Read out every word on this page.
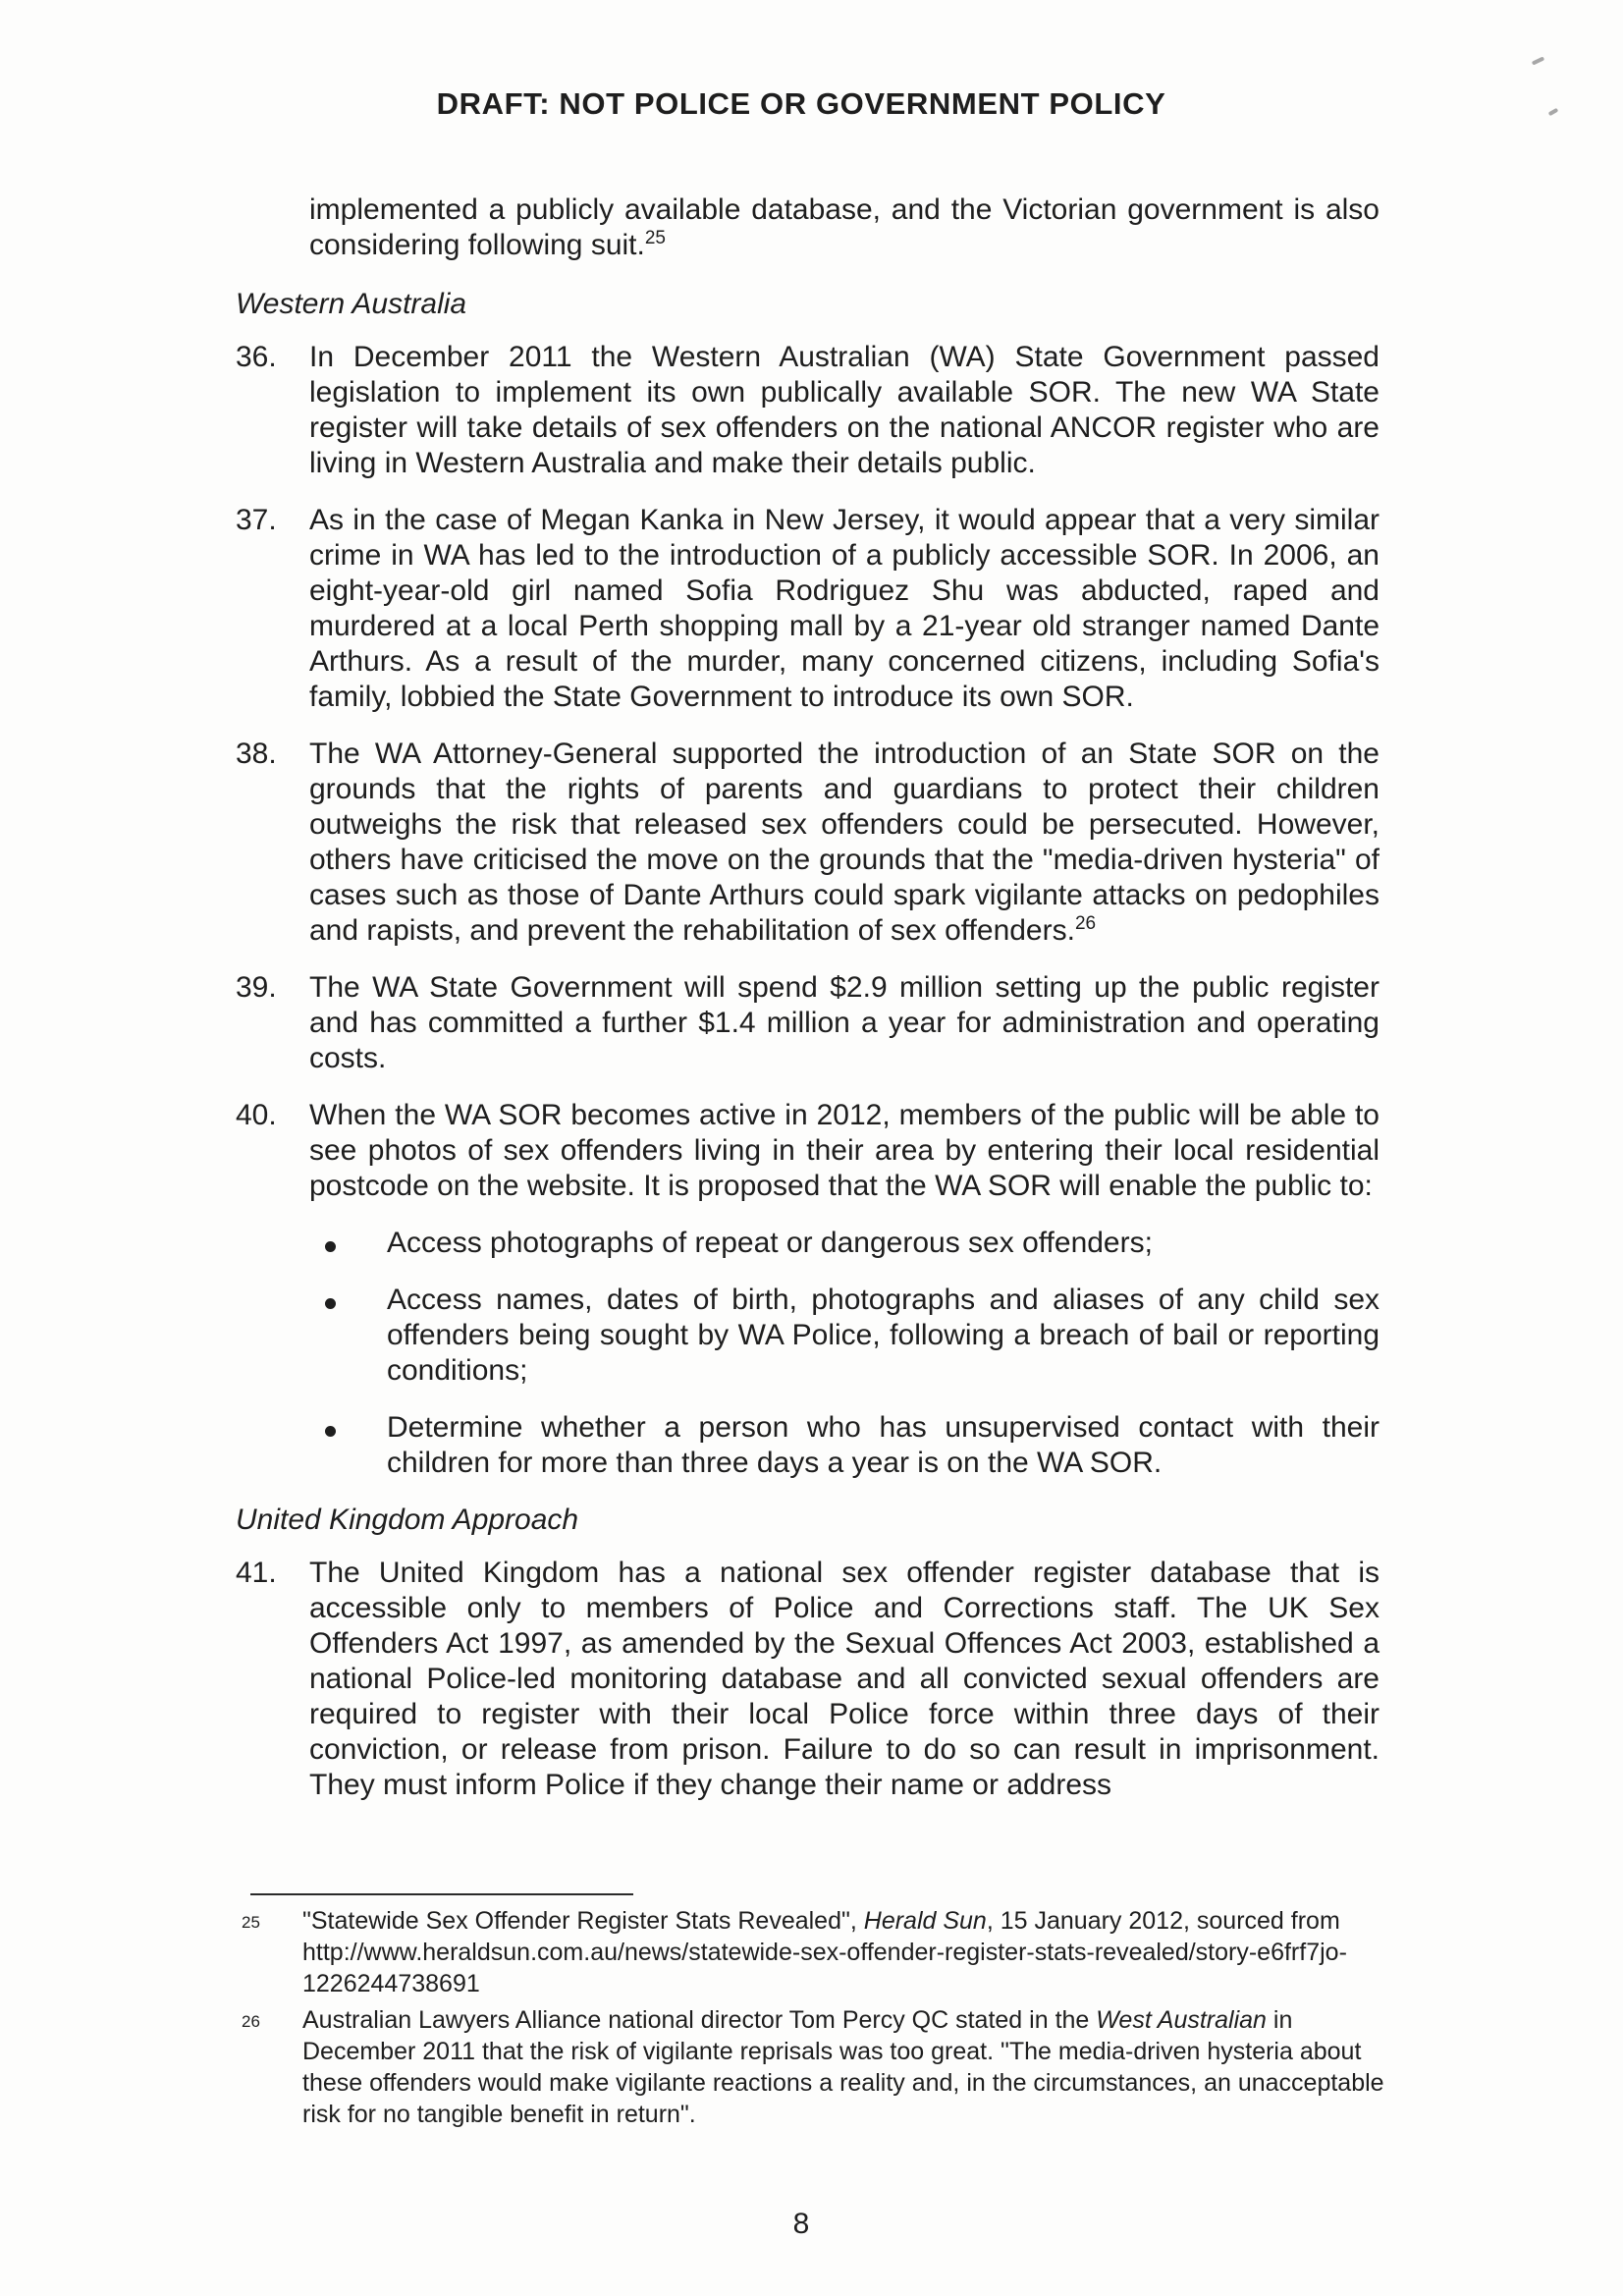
DRAFT: NOT POLICE OR GOVERNMENT POLICY

implemented a publicly available database, and the Victorian government is also considering following suit.$^{25}$

Western Australia
36.	In December 2011 the Western Australian (WA) State Government passed legislation to implement its own publically available SOR. The new WA State register will take details of sex offenders on the national ANCOR register who are living in Western Australia and make their details public.
37.	As in the case of Megan Kanka in New Jersey, it would appear that a very similar crime in WA has led to the introduction of a publicly accessible SOR. In 2006, an eight-year-old girl named Sofia Rodriguez Shu was abducted, raped and murdered at a local Perth shopping mall by a 21-year old stranger named Dante Arthurs. As a result of the murder, many concerned citizens, including Sofia's family, lobbied the State Government to introduce its own SOR.
38.	The WA Attorney-General supported the introduction of an State SOR on the grounds that the rights of parents and guardians to protect their children outweighs the risk that released sex offenders could be persecuted. However, others have criticised the move on the grounds that the "media-driven hysteria" of cases such as those of Dante Arthurs could spark vigilante attacks on pedophiles and rapists, and prevent the rehabilitation of sex offenders.$^{26}$
39.	The WA State Government will spend $2.9 million setting up the public register and has committed a further $1.4 million a year for administration and operating costs.
40.	When the WA SOR becomes active in 2012, members of the public will be able to see photos of sex offenders living in their area by entering their local residential postcode on the website. It is proposed that the WA SOR will enable the public to:
Access photographs of repeat or dangerous sex offenders;
Access names, dates of birth, photographs and aliases of any child sex offenders being sought by WA Police, following a breach of bail or reporting conditions;
Determine whether a person who has unsupervised contact with their children for more than three days a year is on the WA SOR.
United Kingdom Approach
41.	The United Kingdom has a national sex offender register database that is accessible only to members of Police and Corrections staff. The UK Sex Offenders Act 1997, as amended by the Sexual Offences Act 2003, established a national Police-led monitoring database and all convicted sexual offenders are required to register with their local Police force within three days of their conviction, or release from prison. Failure to do so can result in imprisonment. They must inform Police if they change their name or address
25	"Statewide Sex Offender Register Stats Revealed", Herald Sun, 15 January 2012, sourced from http://www.heraldsun.com.au/news/statewide-sex-offender-register-stats-revealed/story-e6frf7jo-1226244738691
26	Australian Lawyers Alliance national director Tom Percy QC stated in the West Australian in December 2011 that the risk of vigilante reprisals was too great. "The media-driven hysteria about these offenders would make vigilante reactions a reality and, in the circumstances, an unacceptable risk for no tangible benefit in return".
8
